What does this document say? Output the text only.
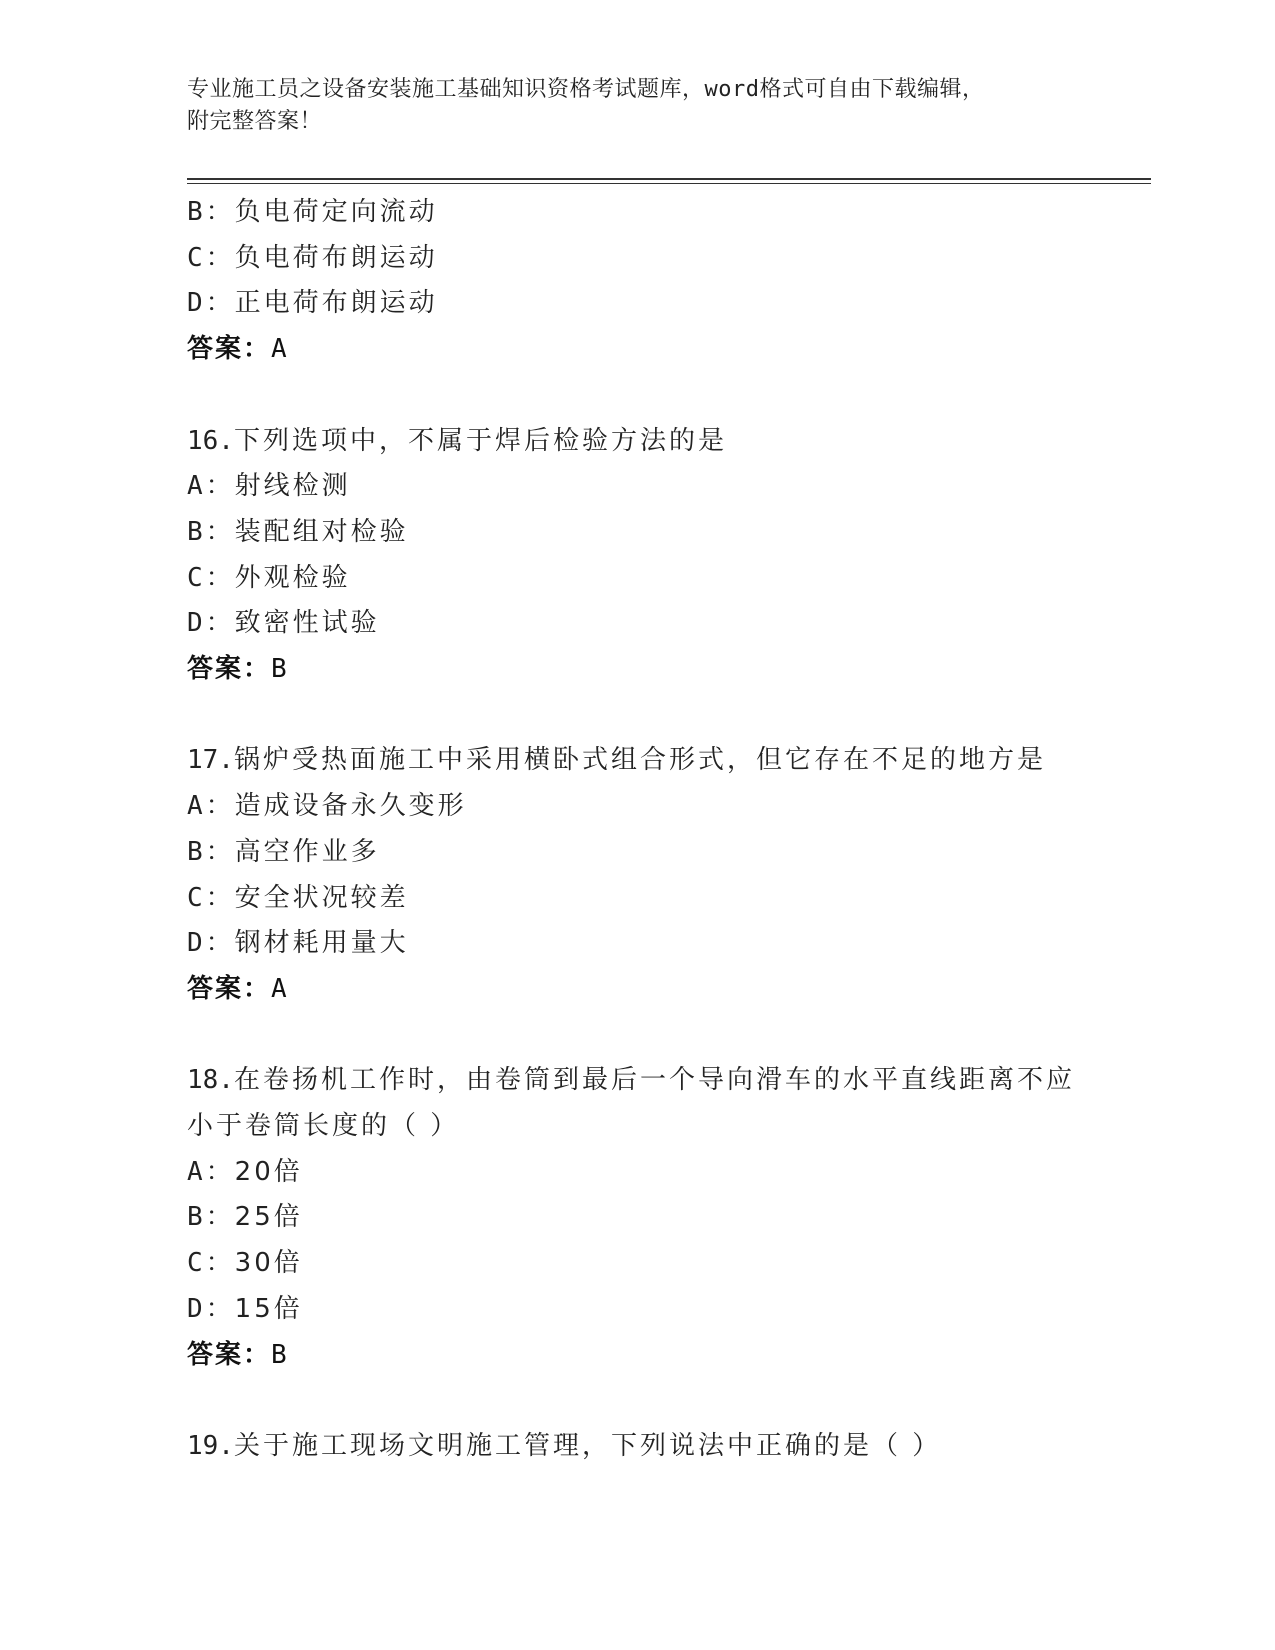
专业施工员之设备安装施工基础知识资格考试题库，word格式可自由下载编辑，
附完整答案！
B：负电荷定向流动
C：负电荷布朗运动
D：正电荷布朗运动
答案：A
16.下列选项中，不属于焊后检验方法的是
A：射线检测
B：装配组对检验
C：外观检验
D：致密性试验
答案：B
17.锅炉受热面施工中采用横卧式组合形式，但它存在不足的地方是
A：造成设备永久变形
B：高空作业多
C：安全状况较差
D：钢材耗用量大
答案：A
18.在卷扬机工作时，由卷筒到最后一个导向滑车的水平直线距离不应
小于卷筒长度的（ ）
A：20倍
B：25倍
C：30倍
D：15倍
答案：B
19.关于施工现场文明施工管理，下列说法中正确的是（ ）
